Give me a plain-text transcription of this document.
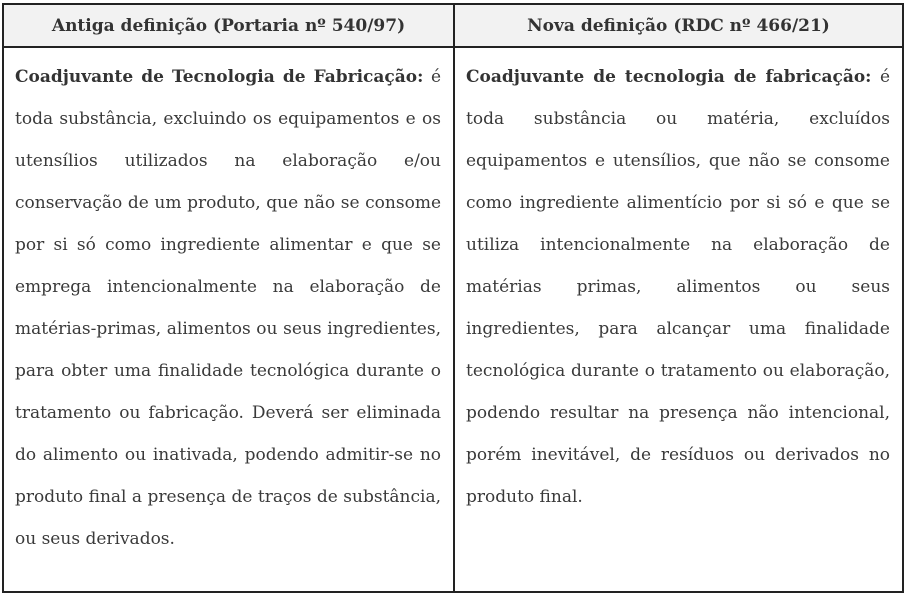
Antiga definição (Portaria nº 540/97)	Nova definição (RDC nº 466/21)
Coadjuvante de Tecnologia de Fabricação: é toda substância, excluindo os equipamentos e os utensílios utilizados na elaboração e/ou conservação de um produto, que não se consome por si só como ingrediente alimentar e que se emprega intencionalmente na elaboração de matérias-primas, alimentos ou seus ingredientes, para obter uma finalidade tecnológica durante o tratamento ou fabricação. Deverá ser eliminada do alimento ou inativada, podendo admitir-se no produto final a presença de traços de substância, ou seus derivados.
Coadjuvante de tecnologia de fabricação: é toda substância ou matéria, excluídos equipamentos e utensílios, que não se consome como ingrediente alimentício por si só e que se utiliza intencionalmente na elaboração de matérias primas, alimentos ou seus ingredientes, para alcançar uma finalidade tecnológica durante o tratamento ou elaboração, podendo resultar na presença não intencional, porém inevitável, de resíduos ou derivados no produto final.
